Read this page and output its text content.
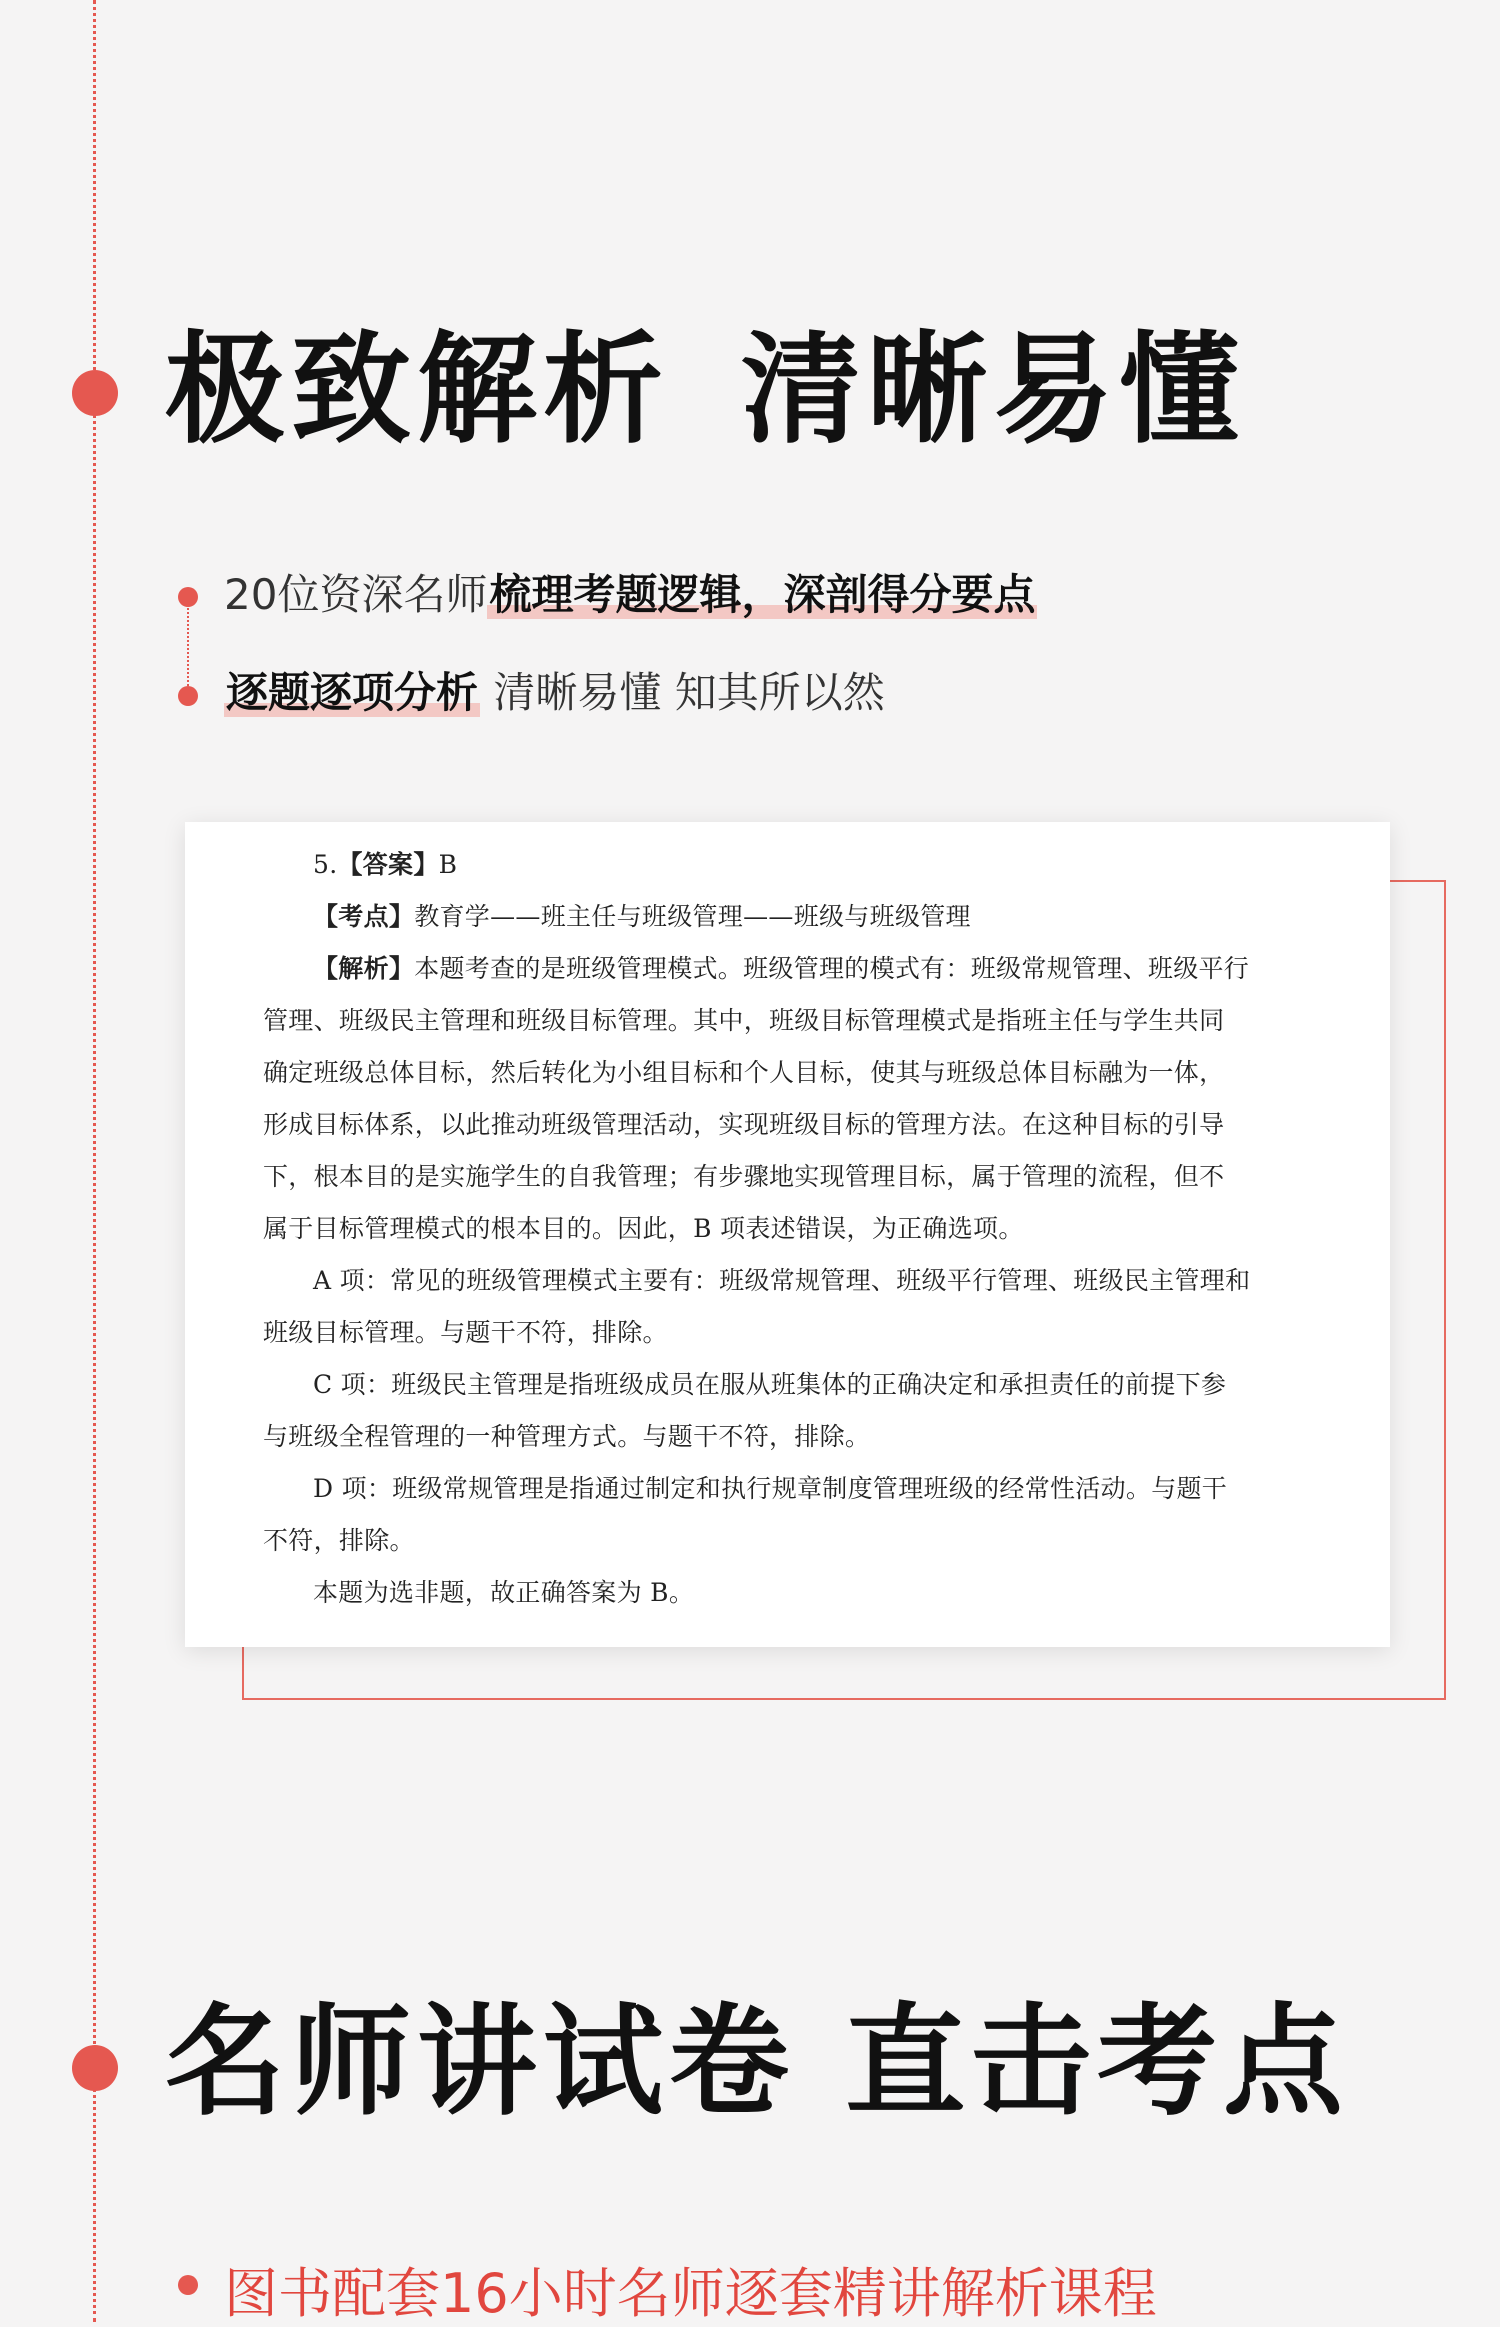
极致解析 清晰易懂
20位资深名师梳理考题逻辑，深剖得分要点
逐题逐项分析 清晰易懂 知其所以然
5.【答案】B
【考点】教育学——班主任与班级管理——班级与班级管理
【解析】本题考查的是班级管理模式。班级管理的模式有：班级常规管理、班级平行
管理、班级民主管理和班级目标管理。其中，班级目标管理模式是指班主任与学生共同
确定班级总体目标，然后转化为小组目标和个人目标，使其与班级总体目标融为一体，
形成目标体系，以此推动班级管理活动，实现班级目标的管理方法。在这种目标的引导
下，根本目的是实施学生的自我管理；有步骤地实现管理目标，属于管理的流程，但不
属于目标管理模式的根本目的。因此，B 项表述错误，为正确选项。
A 项：常见的班级管理模式主要有：班级常规管理、班级平行管理、班级民主管理和
班级目标管理。与题干不符，排除。
C 项：班级民主管理是指班级成员在服从班集体的正确决定和承担责任的前提下参
与班级全程管理的一种管理方式。与题干不符，排除。
D 项：班级常规管理是指通过制定和执行规章制度管理班级的经常性活动。与题干
不符，排除。
本题为选非题，故正确答案为 B。
名师讲试卷 直击考点
图书配套16小时名师逐套精讲解析课程
